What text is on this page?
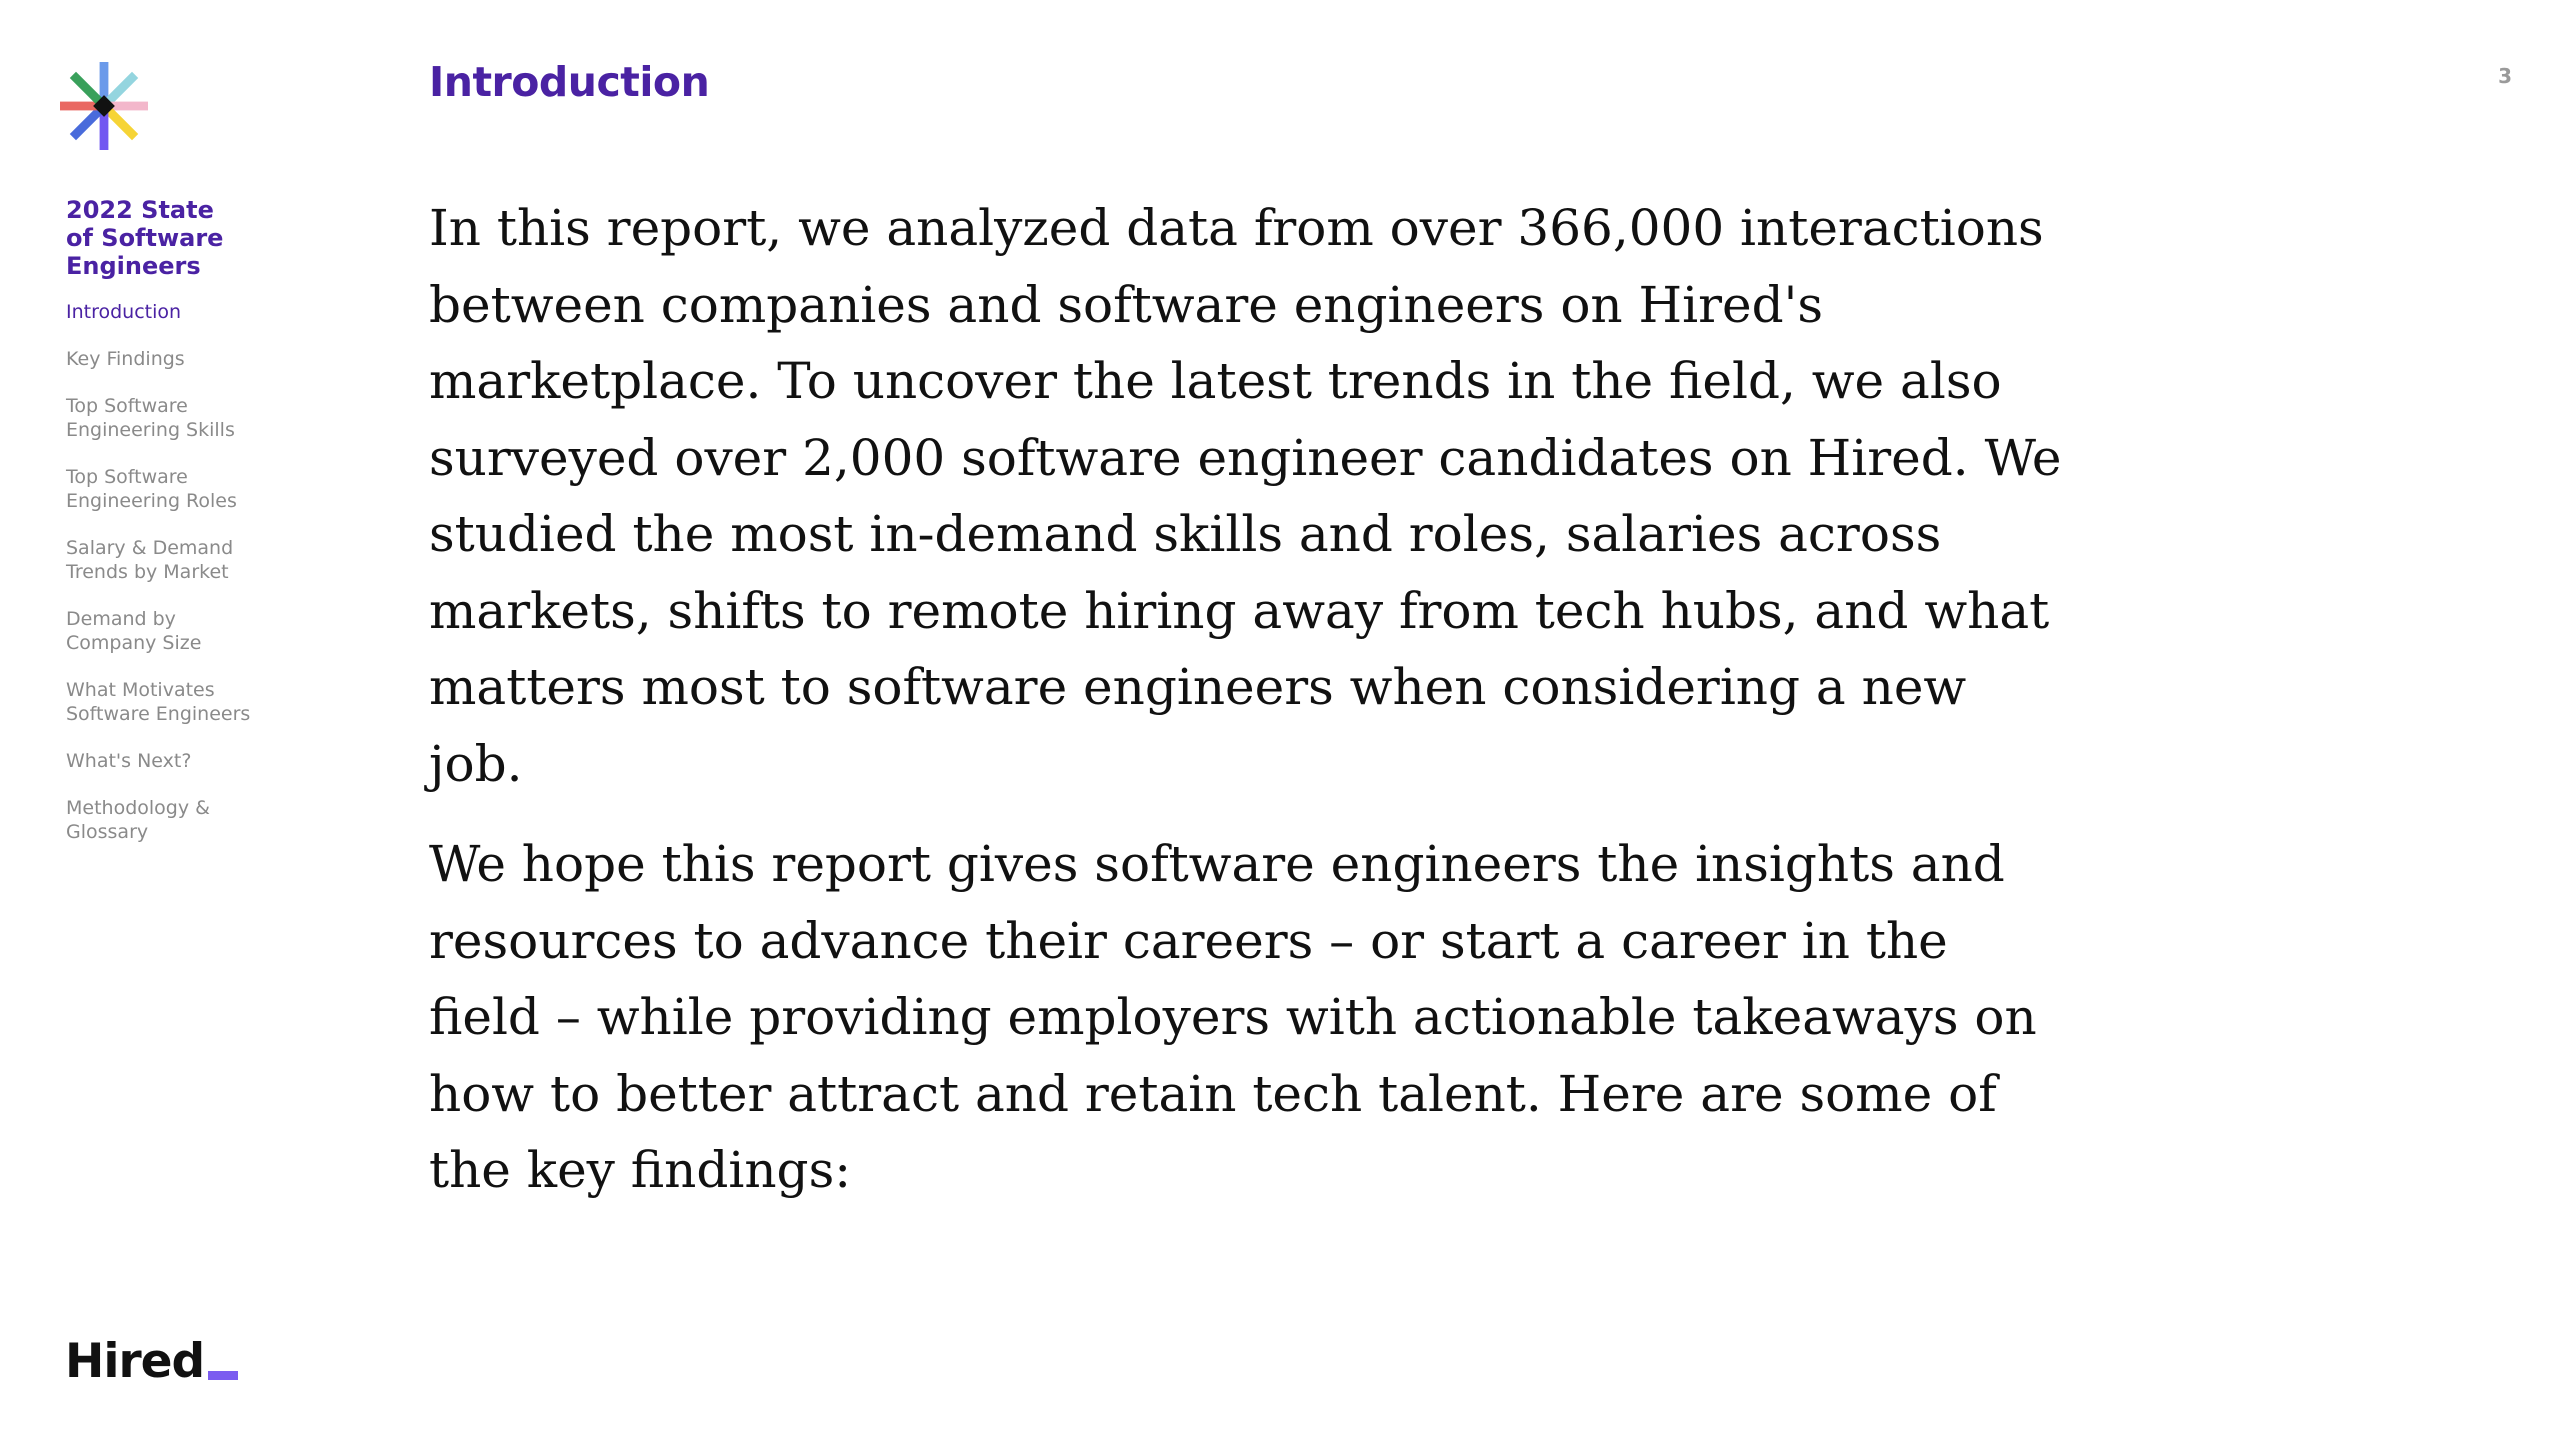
2022 State
of Software
Engineers
Introduction
Key Findings
Top Software
Engineering Skills
Top Software
Engineering Roles
Salary & Demand
Trends by Market
Demand by
Company Size
What Motivates
Software Engineers
What's Next?
Methodology &
Glossary
3
Introduction

In this report, we analyzed data from over 366,000 interactions between companies and software engineers on Hired's marketplace. To uncover the latest trends in the field, we also surveyed over 2,000 software engineer candidates on Hired. We studied the most in-demand skills and roles, salaries across markets, shifts to remote hiring away from tech hubs, and what matters most to software engineers when considering a new job.

We hope this report gives software engineers the insights and resources to advance their careers – or start a career in the field – while providing employers with actionable takeaways on how to better attract and retain tech talent. Here are some of the key findings:

Hired
